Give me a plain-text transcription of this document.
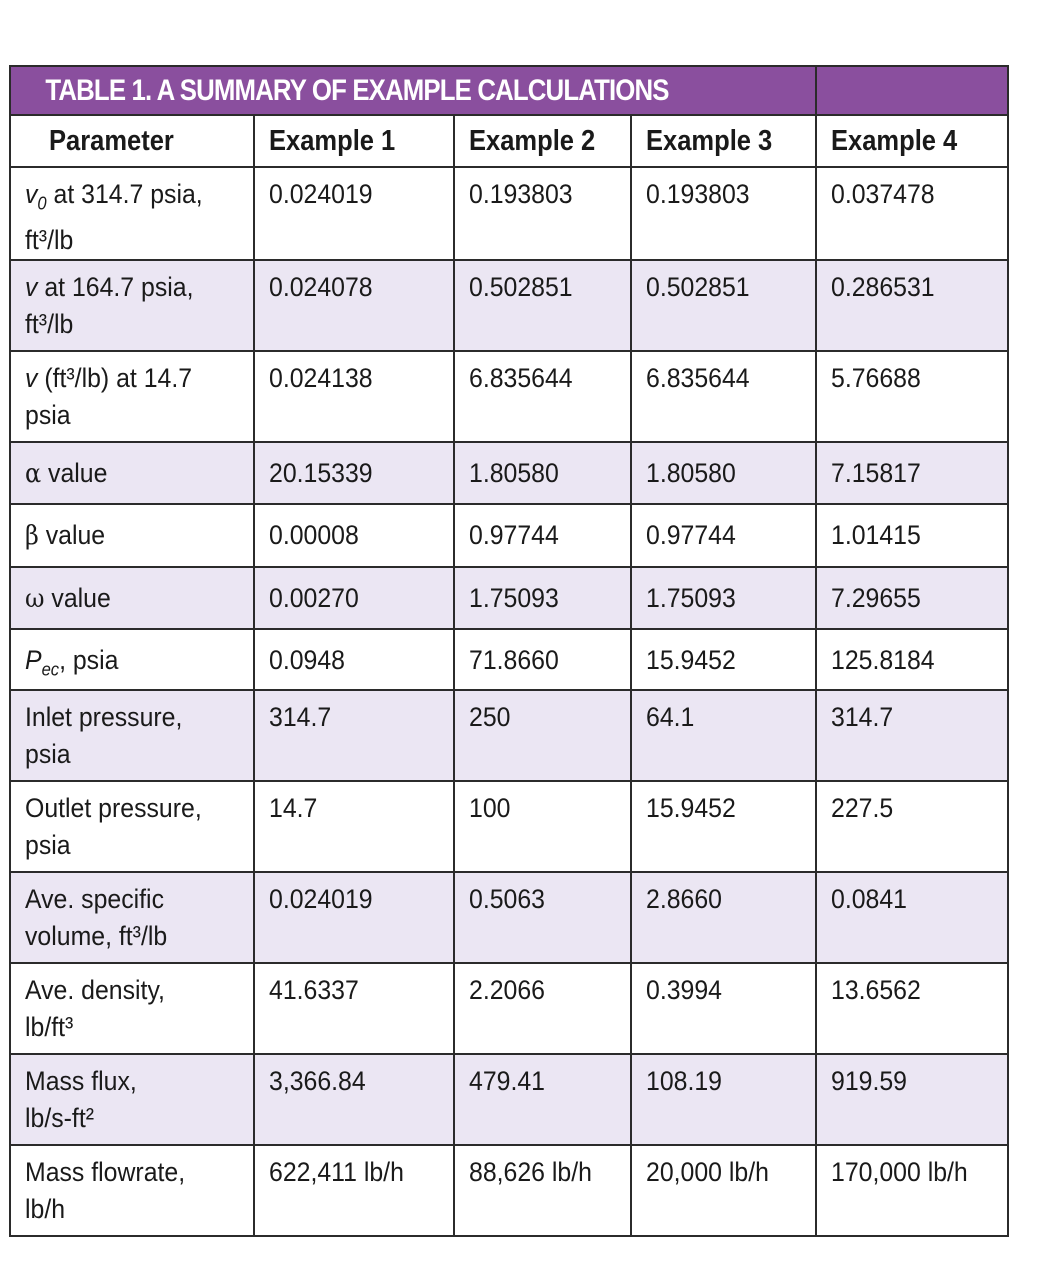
TABLE 1. A SUMMARY OF EXAMPLE CALCULATIONS				
Parameter	Example 1	Example 2	Example 3	Example 4
$v_0$ at 314.7 psia,
ft³/lb	0.024019	0.193803	0.193803	0.037478
v at 164.7 psia,
ft³/lb	0.024078	0.502851	0.502851	0.286531
v (ft³/lb) at 14.7
psia	0.024138	6.835644	6.835644	5.76688
α value	20.15339	1.80580	1.80580	7.15817
β value	0.00008	0.97744	0.97744	1.01415
ω value	0.00270	1.75093	1.75093	7.29655
$P_{ec}$, psia	0.0948	71.8660	15.9452	125.8184
Inlet pressure,
psia	314.7	250	64.1	314.7
Outlet pressure,
psia	14.7	100	15.9452	227.5
Ave. specific
volume, ft³/lb	0.024019	0.5063	2.8660	0.0841
Ave. density,
lb/ft³	41.6337	2.2066	0.3994	13.6562
Mass flux,
lb/s-ft²	3,366.84	479.41	108.19	919.59
Mass flowrate,
lb/h	622,411 lb/h	88,626 lb/h	20,000 lb/h	170,000 lb/h
